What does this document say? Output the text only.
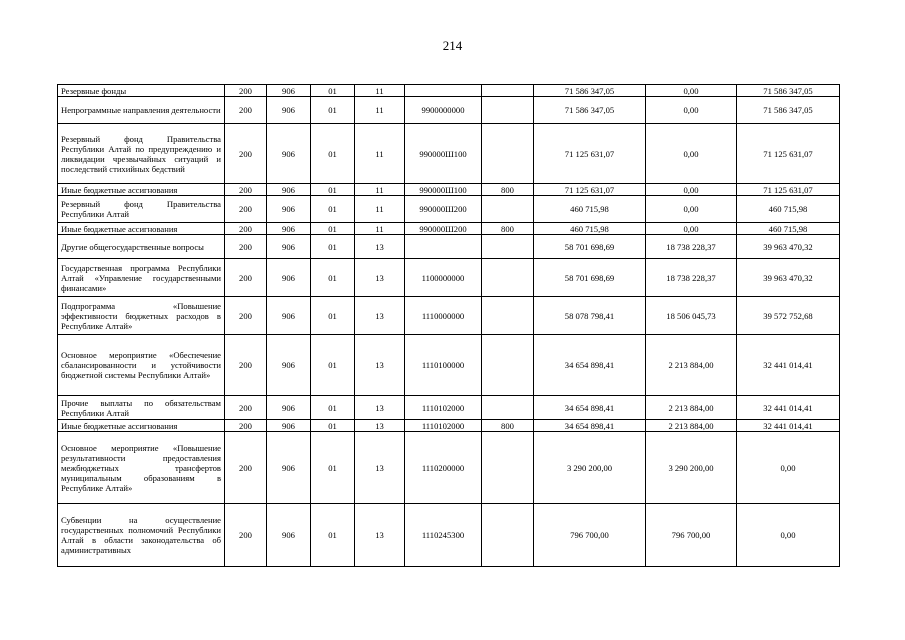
214
Резервные фонды	200	906	01	11			71 586 347,05	0,00	71 586 347,05
Непрограммные направления деятельности	200	906	01	11	9900000000		71 586 347,05	0,00	71 586 347,05
Резервный фонд Правительства Республики Алтай по предупреждению и ликвидации чрезвычайных ситуаций и последствий стихийных бедствий	200	906	01	11	990000Ш100		71 125 631,07	0,00	71 125 631,07
Иные бюджетные ассигнования	200	906	01	11	990000Ш100	800	71 125 631,07	0,00	71 125 631,07
Резервный фонд Правительства Республики Алтай	200	906	01	11	990000Ш200		460 715,98	0,00	460 715,98
Иные бюджетные ассигнования	200	906	01	11	990000Ш200	800	460 715,98	0,00	460 715,98
Другие общегосударственные вопросы	200	906	01	13			58 701 698,69	18 738 228,37	39 963 470,32
Государственная программа Республики Алтай «Управление государственными финансами»	200	906	01	13	1100000000		58 701 698,69	18 738 228,37	39 963 470,32
Подпрограмма «Повышение эффективности бюджетных расходов в Республике Алтай»	200	906	01	13	1110000000		58 078 798,41	18 506 045,73	39 572 752,68
Основное мероприятие «Обеспечение сбалансированности и устойчивости бюджетной системы Республики Алтай»	200	906	01	13	1110100000		34 654 898,41	2 213 884,00	32 441 014,41
Прочие выплаты по обязательствам Республики Алтай	200	906	01	13	1110102000		34 654 898,41	2 213 884,00	32 441 014,41
Иные бюджетные ассигнования	200	906	01	13	1110102000	800	34 654 898,41	2 213 884,00	32 441 014,41
Основное мероприятие «Повышение результативности предоставления межбюджетных трансфертов муниципальным образованиям в Республике Алтай»	200	906	01	13	1110200000		3 290 200,00	3 290 200,00	0,00
Субвенции на осуществление государственных полномочий Республики Алтай в области законодательства об административных	200	906	01	13	1110245300		796 700,00	796 700,00	0,00
